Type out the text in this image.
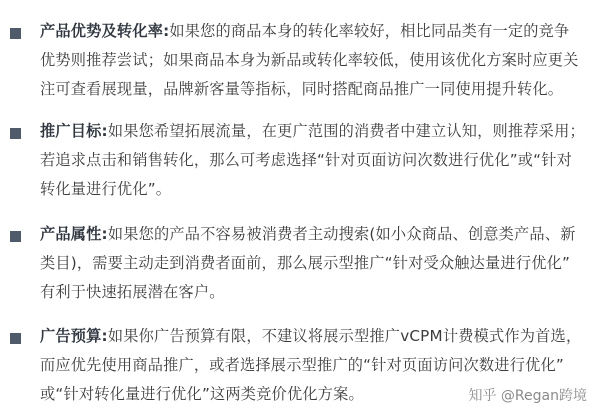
产品优势及转化率:如果您的商品本身的转化率较好，相比同品类有一定的竞争
优势则推荐尝试；如果商品本身为新品或转化率较低，使用该优化方案时应更关
注可查看展现量，品牌新客量等指标，同时搭配商品推广一同使用提升转化。
推广目标:如果您希望拓展流量，在更广范围的消费者中建立认知，则推荐采用；
若追求点击和销售转化，那么可考虑选择“针对页面访问次数进行优化”或“针对
转化量进行优化”。
产品属性:如果您的产品不容易被消费者主动搜索(如小众商品、创意类产品、新
类目)，需要主动走到消费者面前，那么展示型推广“针对受众触达量进行优化”
有利于快速拓展潜在客户。
广告预算:如果你广告预算有限，不建议将展示型推广vCPM计费模式作为首选，
而应优先使用商品推广，或者选择展示型推广的“针对页面访问次数进行优化”
或“针对转化量进行优化”这两类竞价优化方案。	知乎 @Regan跨境
